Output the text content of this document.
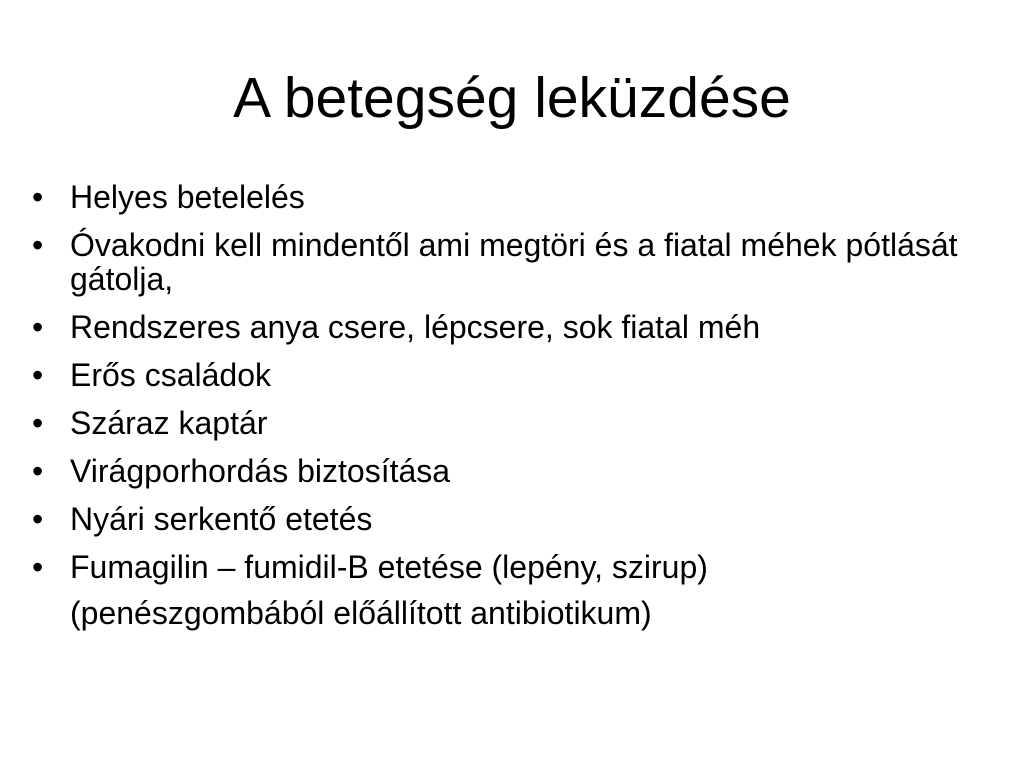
A betegség leküzdése
• Helyes betelelés
• Óvakodni kell mindentől ami megtöri és a fiatal méhek pótlását gátolja,
• Rendszeres anya csere, lépcsere, sok fiatal méh
• Erős családok
• Száraz kaptár
• Virágporhordás biztosítása
• Nyári serkentő etetés
• Fumagilin – fumidil-B etetése (lepény, szirup)
(penészgombából előállított antibiotikum)
